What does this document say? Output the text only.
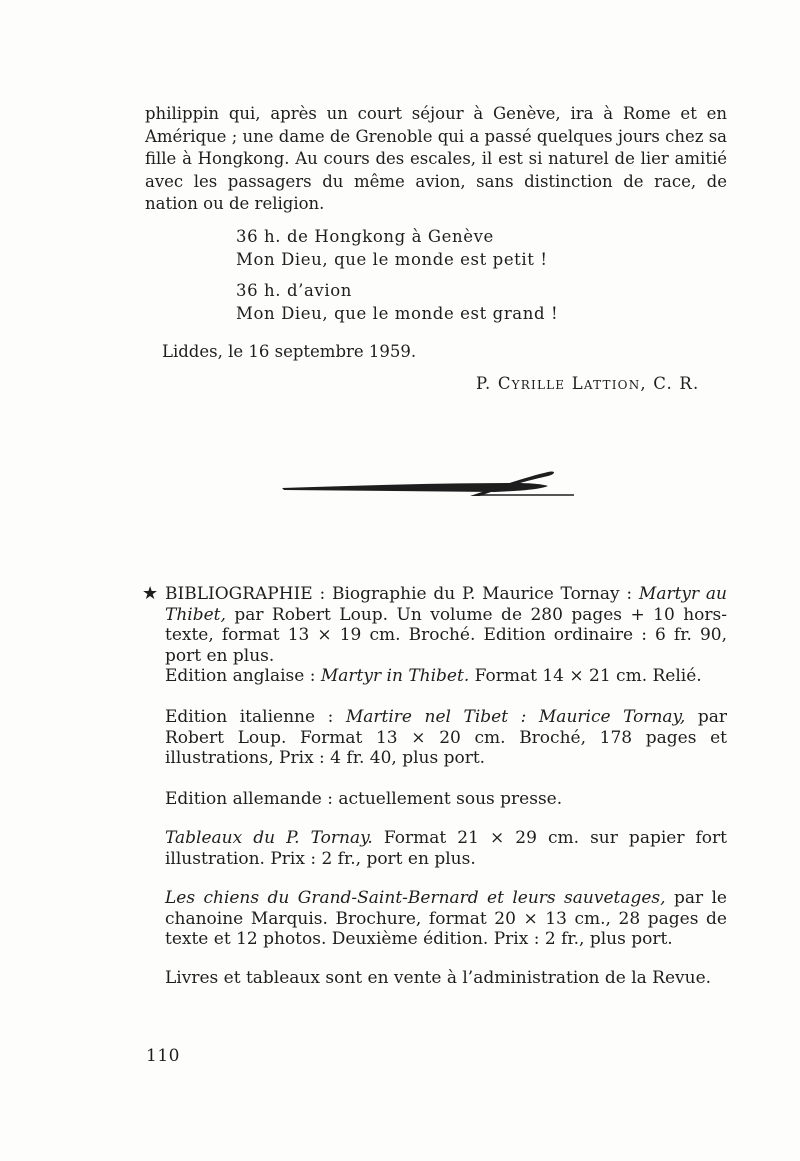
philippin qui, après un court séjour à Genève, ira à Rome et en Amérique ; une dame de Grenoble qui a passé quelques jours chez sa fille à Hongkong. Au cours des escales, il est si naturel de lier amitié avec les passagers du même avion, sans distinction de race, de nation ou de religion.

36 h. de Hongkong à Genève

Mon Dieu, que le monde est petit !

36 h. d’avion

Mon Dieu, que le monde est grand !

Liddes, le 16 septembre 1959.
P. Cyrille Lattion, C. R.

★ BIBLIOGRAPHIE : Biographie du P. Maurice Tornay : Martyr au Thibet, par Robert Loup. Un volume de 280 pages + 10 hors-texte, format 13 × 19 cm. Broché. Edition ordinaire : 6 fr. 90, port en plus.

Edition anglaise : Martyr in Thibet. Format 14 × 21 cm. Relié.

Edition italienne : Martire nel Tibet : Maurice Tornay, par Robert Loup. Format 13 × 20 cm. Broché, 178 pages et illustrations, Prix : 4 fr. 40, plus port.

Edition allemande : actuellement sous presse.

Tableaux du P. Tornay. Format 21 × 29 cm. sur papier fort illustration. Prix : 2 fr., port en plus.

Les chiens du Grand-Saint-Bernard et leurs sauvetages, par le chanoine Marquis. Brochure, format 20 × 13 cm., 28 pages de texte et 12 photos. Deuxième édition. Prix : 2 fr., plus port.

Livres et tableaux sont en vente à l’administration de la Revue.

110
